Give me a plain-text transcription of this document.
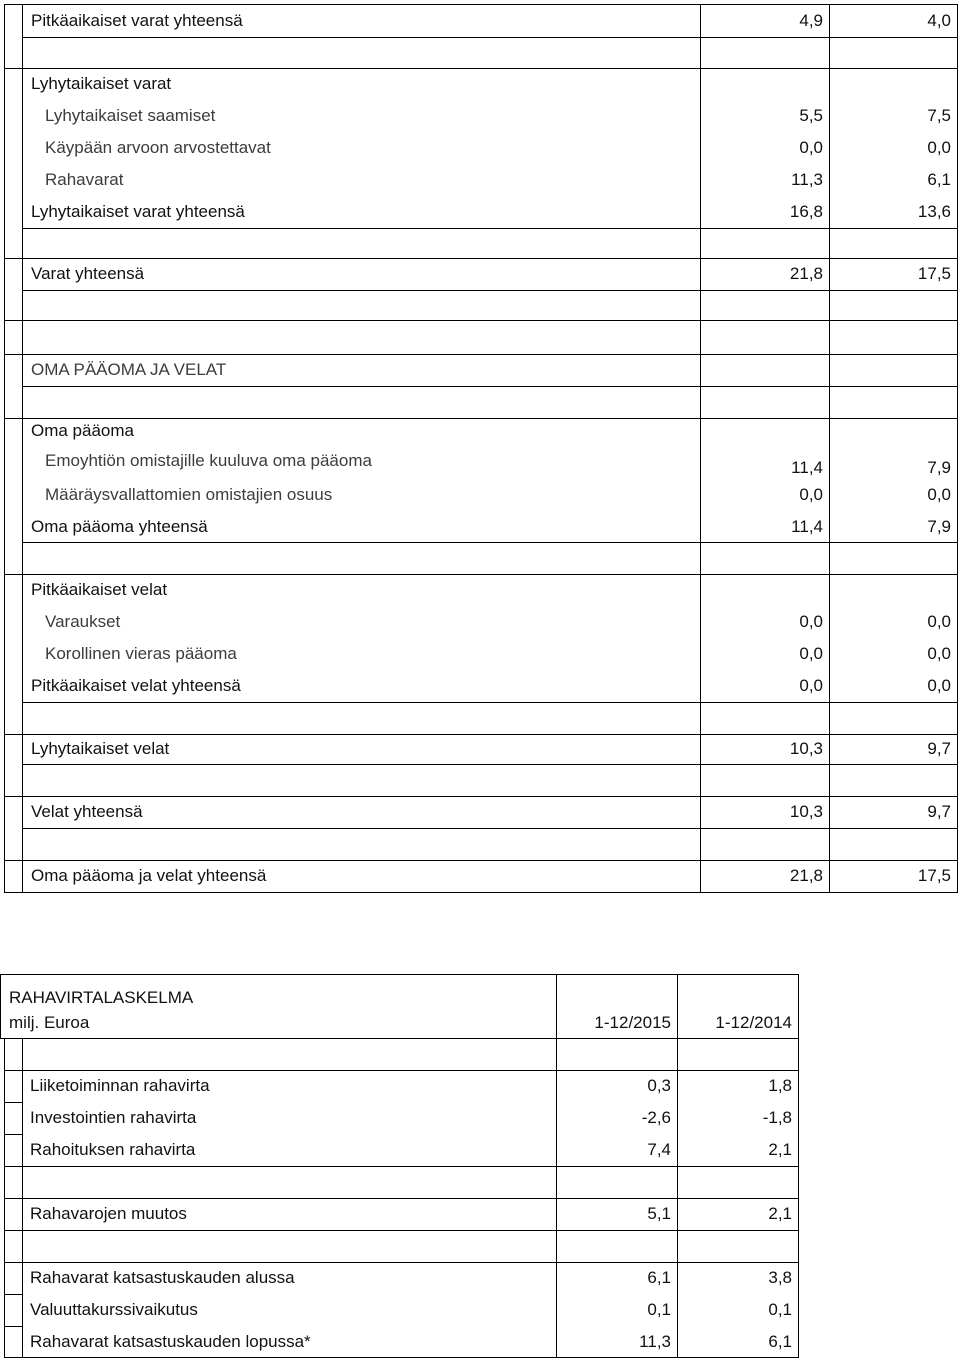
Pitkäaikaiset varat yhteensä	4,9	4,0
Lyhytaikaiset varat
Lyhytaikaiset saamiset	5,5	7,5
Käypään arvoon arvostettavat	0,0	0,0
Rahavarat	11,3	6,1
Lyhytaikaiset varat yhteensä	16,8	13,6
Varat yhteensä	21,8	17,5
OMA PÄÄOMA JA VELAT
Oma pääoma
Emoyhtiön omistajille kuuluva oma pääoma	11,4	7,9
Määräysvallattomien omistajien osuus	0,0	0,0
Oma pääoma yhteensä	11,4	7,9
Pitkäaikaiset velat
Varaukset	0,0	0,0
Korollinen vieras pääoma	0,0	0,0
Pitkäaikaiset velat yhteensä	0,0	0,0
Lyhytaikaiset velat	10,3	9,7
Velat yhteensä	10,3	9,7
Oma pääoma ja velat yhteensä	21,8	17,5
RAHAVIRTALASKELMA
milj. Euroa	1-12/2015	1-12/2014
Liiketoiminnan rahavirta	0,3	1,8
Investointien rahavirta	-2,6	-1,8
Rahoituksen rahavirta	7,4	2,1
Rahavarojen muutos	5,1	2,1
Rahavarat katsastuskauden alussa	6,1	3,8
Valuuttakurssivaikutus	0,1	0,1
Rahavarat katsastuskauden lopussa*	11,3	6,1
